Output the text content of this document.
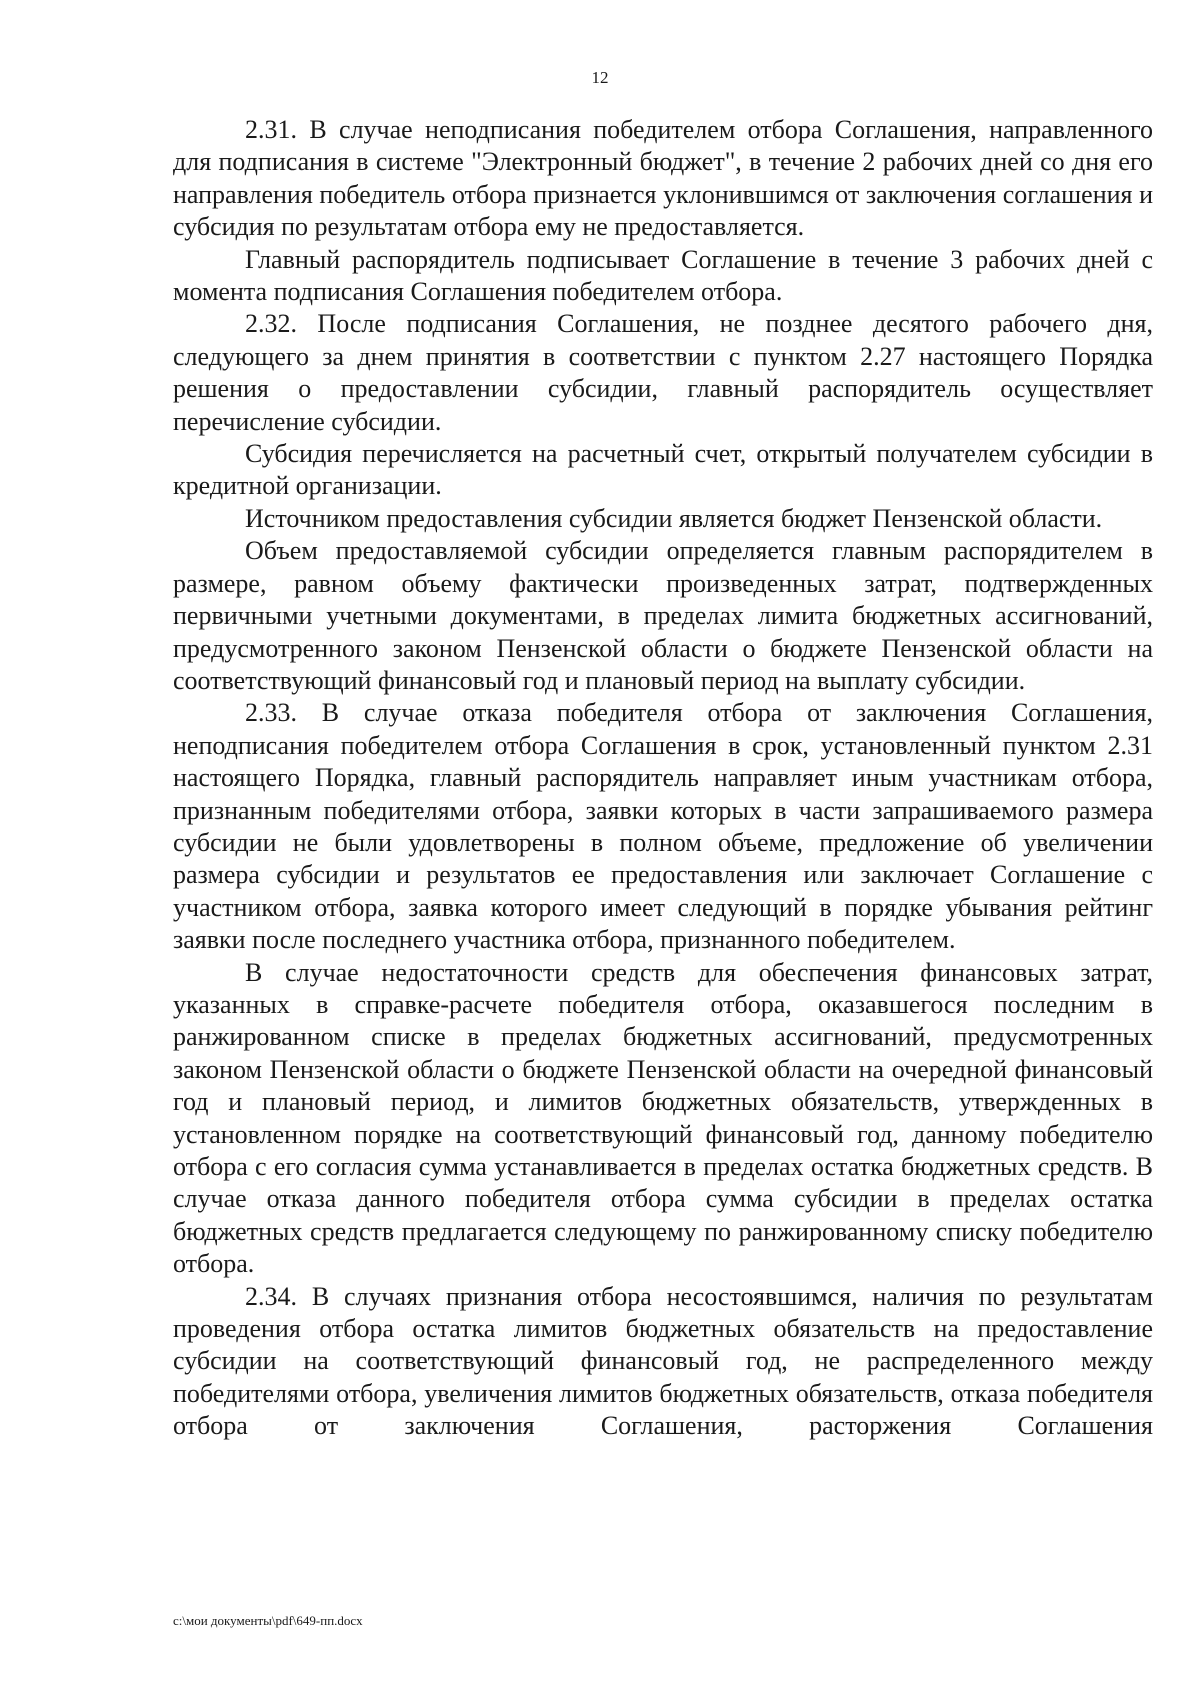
12

2.31. В случае неподписания победителем отбора Соглашения, направленного для подписания в системе "Электронный бюджет", в течение 2 рабочих дней со дня его направления победитель отбора признается уклонившимся от заключения соглашения и субсидия по результатам отбора ему не предоставляется.

Главный распорядитель подписывает Соглашение в течение 3 рабочих дней с момента подписания Соглашения победителем отбора.

2.32. После подписания Соглашения, не позднее десятого рабочего дня, следующего за днем принятия в соответствии с пунктом 2.27 настоящего Порядка решения о предоставлении субсидии, главный распорядитель осуществляет перечисление субсидии.

Субсидия перечисляется на расчетный счет, открытый получателем субсидии в кредитной организации.

Источником предоставления субсидии является бюджет Пензенской области.

Объем предоставляемой субсидии определяется главным распорядителем в размере, равном объему фактически произведенных затрат, подтвержденных первичными учетными документами, в пределах лимита бюджетных ассигнований, предусмотренного законом Пензенской области о бюджете Пензенской области на соответствующий финансовый год и плановый период на выплату субсидии.

2.33. В случае отказа победителя отбора от заключения Соглашения, неподписания победителем отбора Соглашения в срок, установленный пунктом 2.31 настоящего Порядка, главный распорядитель направляет иным участникам отбора, признанным победителями отбора, заявки которых в части запрашиваемого размера субсидии не были удовлетворены в полном объеме, предложение об увеличении размера субсидии и результатов ее предоставления или заключает Соглашение с участником отбора, заявка которого имеет следующий в порядке убывания рейтинг заявки после последнего участника отбора, признанного победителем.

В случае недостаточности средств для обеспечения финансовых затрат, указанных в справке-расчете победителя отбора, оказавшегося последним в ранжированном списке в пределах бюджетных ассигнований, предусмотренных законом Пензенской области о бюджете Пензенской области на очередной финансовый год и плановый период, и лимитов бюджетных обязательств, утвержденных в установленном порядке на соответствующий финансовый год, данному победителю отбора с его согласия сумма устанавливается в пределах остатка бюджетных средств. В случае отказа данного победителя отбора сумма субсидии в пределах остатка бюджетных средств предлагается следующему по ранжированному списку победителю отбора.

2.34. В случаях признания отбора несостоявшимся, наличия по результатам проведения отбора остатка лимитов бюджетных обязательств на предоставление субсидии на соответствующий финансовый год, не распределенного между победителями отбора, увеличения лимитов бюджетных обязательств, отказа победителя отбора от заключения Соглашения, расторжения Соглашения

c:\мои документы\pdf\649-пп.docx
